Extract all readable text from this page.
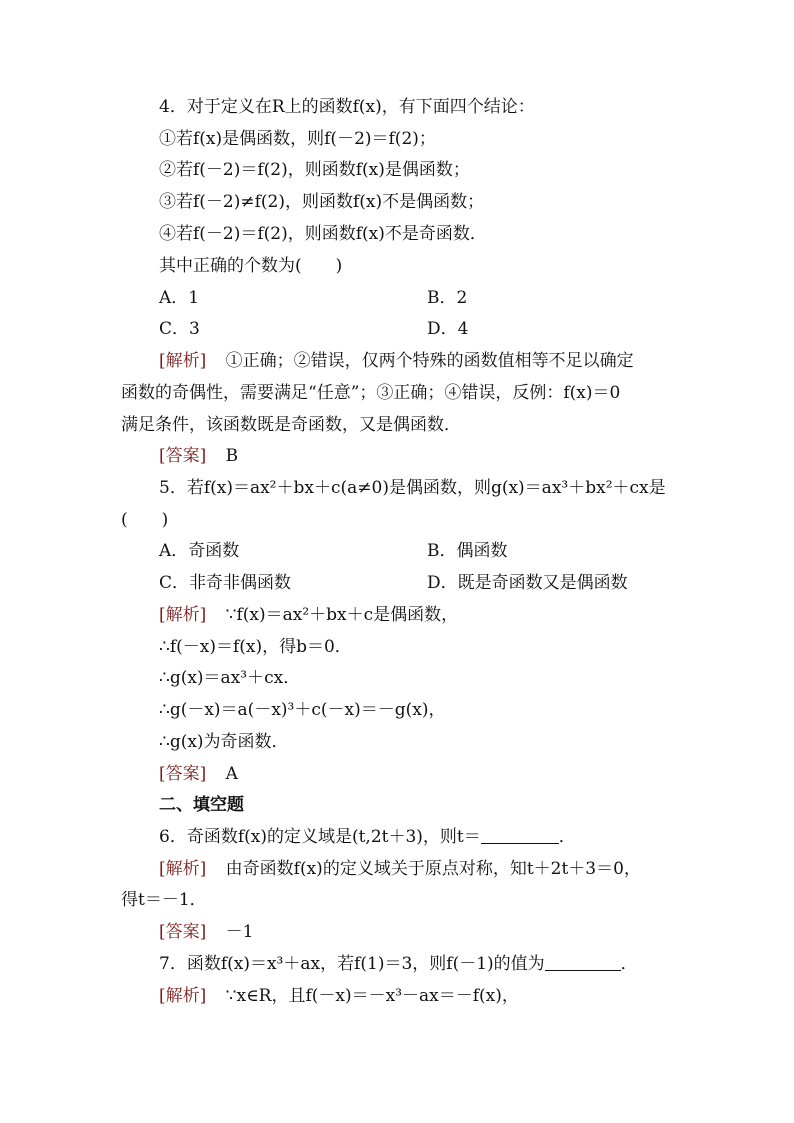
4．对于定义在R上的函数f(x)，有下面四个结论：
①若f(x)是偶函数，则f(－2)＝f(2)；
②若f(－2)＝f(2)，则函数f(x)是偶函数；
③若f(－2)≠f(2)，则函数f(x)不是偶函数；
④若f(－2)＝f(2)，则函数f(x)不是奇函数．
其中正确的个数为(　　)
A．1	B．2
C．3	D．4
[解析] ①正确；②错误，仅两个特殊的函数值相等不足以确定
函数的奇偶性，需要满足“任意”；③正确；④错误，反例：f(x)＝0
满足条件，该函数既是奇函数，又是偶函数．
[答案] B
5．若f(x)＝ax²＋bx＋c(a≠0)是偶函数，则g(x)＝ax³＋bx²＋cx是
(　　)
A．奇函数	B．偶函数
C．非奇非偶函数	D．既是奇函数又是偶函数
[解析] ∵f(x)＝ax²＋bx＋c是偶函数，
∴f(－x)＝f(x)，得b＝0．
∴g(x)＝ax³＋cx．
∴g(－x)＝a(－x)³＋c(－x)＝－g(x)，
∴g(x)为奇函数．
[答案] A
二、填空题
6．奇函数f(x)的定义域是(t,2t＋3)，则t＝	．
[解析] 由奇函数f(x)的定义域关于原点对称，知t＋2t＋3＝0，
得t＝－1．
[答案] －1
7．函数f(x)＝x³＋ax，若f(1)＝3，则f(－1)的值为	．
[解析] ∵x∈R，且f(－x)＝－x³－ax＝－f(x)，
